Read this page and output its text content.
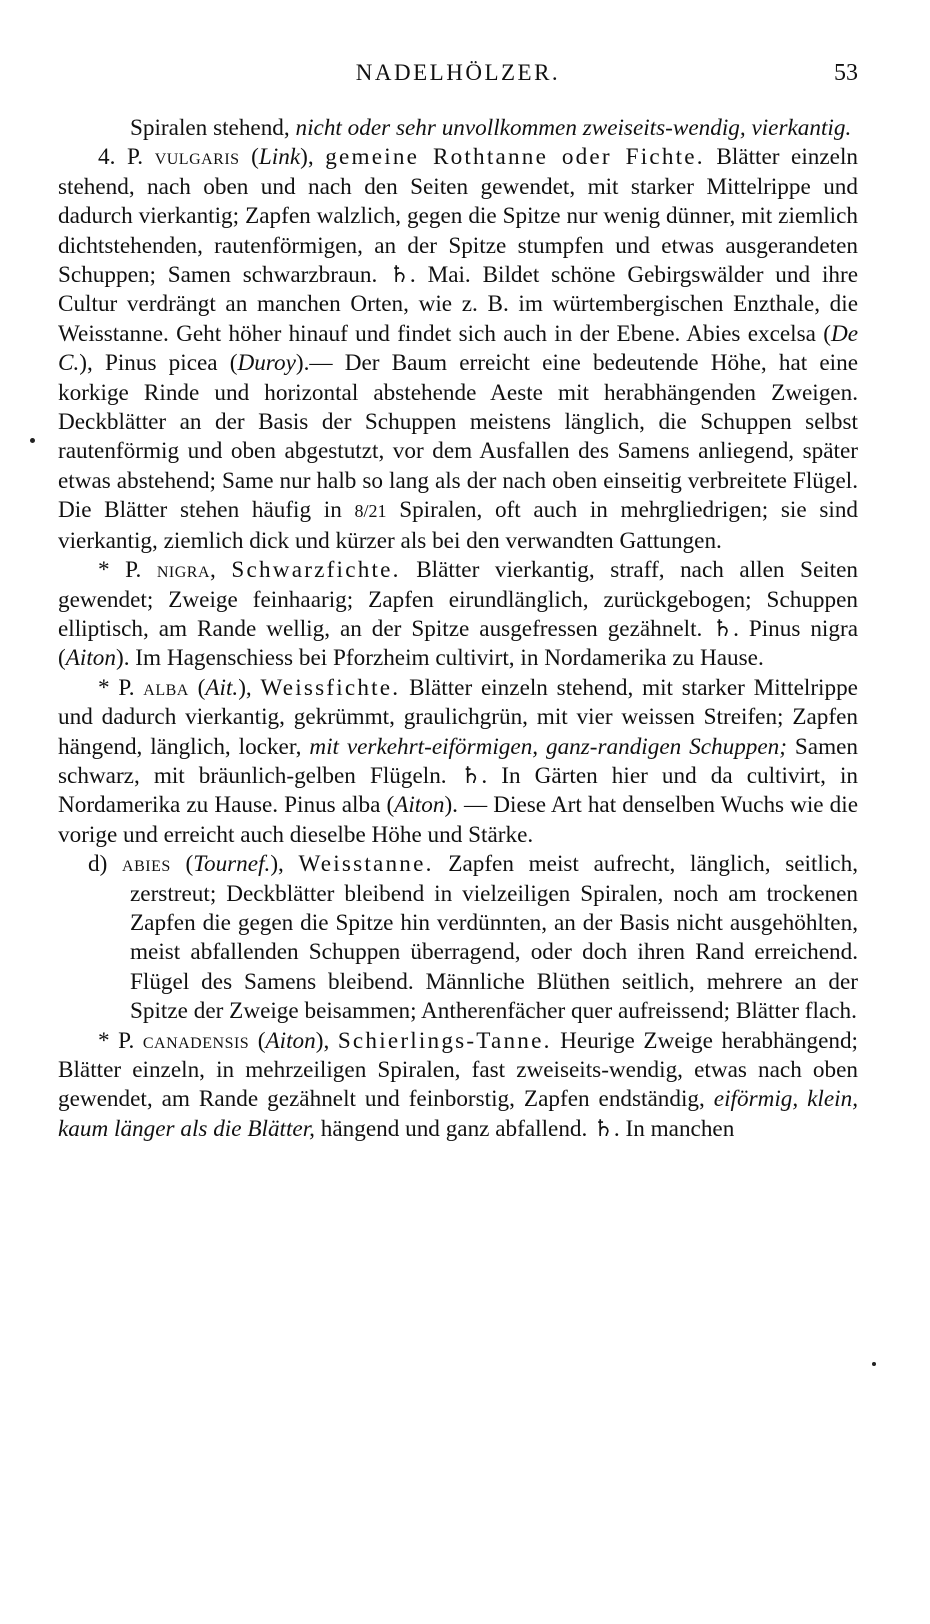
NADELHÖLZER.	53

Spiralen stehend, nicht oder sehr unvollkommen zweiseits-wendig, vierkantig.

4. P. vulgaris (Link), gemeine Rothtanne oder Fichte. Blätter einzeln stehend, nach oben und nach den Seiten gewendet, mit starker Mittelrippe und dadurch vierkantig; Zapfen walzlich, gegen die Spitze nur wenig dünner, mit ziemlich dichtstehenden, rautenförmigen, an der Spitze stumpfen und etwas ausgerandeten Schuppen; Samen schwarzbraun. ♄. Mai. Bildet schöne Gebirgswälder und ihre Cultur verdrängt an manchen Orten, wie z. B. im würtembergischen Enzthale, die Weisstanne. Geht höher hinauf und findet sich auch in der Ebene. Abies excelsa (De C.), Pinus picea (Duroy).— Der Baum erreicht eine bedeutende Höhe, hat eine korkige Rinde und horizontal abstehende Aeste mit herabhängenden Zweigen. Deckblätter an der Basis der Schuppen meistens länglich, die Schuppen selbst rautenförmig und oben abgestutzt, vor dem Ausfallen des Samens anliegend, später etwas abstehend; Same nur halb so lang als der nach oben einseitig verbreitete Flügel. Die Blätter stehen häufig in 8/21 Spiralen, oft auch in mehrgliedrigen; sie sind vierkantig, ziemlich dick und kürzer als bei den verwandten Gattungen.

* P. nigra, Schwarzfichte. Blätter vierkantig, straff, nach allen Seiten gewendet; Zweige feinhaarig; Zapfen eirundlänglich, zurückgebogen; Schuppen elliptisch, am Rande wellig, an der Spitze ausgefressen gezähnelt. ♄. Pinus nigra (Aiton). Im Hagenschiess bei Pforzheim cultivirt, in Nordamerika zu Hause.

* P. alba (Ait.), Weissfichte. Blätter einzeln stehend, mit starker Mittelrippe und dadurch vierkantig, gekrümmt, graulichgrün, mit vier weissen Streifen; Zapfen hängend, länglich, locker, mit verkehrt-eiförmigen, ganz-randigen Schuppen; Samen schwarz, mit bräunlich-gelben Flügeln. ♄. In Gärten hier und da cultivirt, in Nordamerika zu Hause. Pinus alba (Aiton). — Diese Art hat denselben Wuchs wie die vorige und erreicht auch dieselbe Höhe und Stärke.

d) abies (Tournef.), Weisstanne. Zapfen meist aufrecht, länglich, seitlich, zerstreut; Deckblätter bleibend in vielzeiligen Spiralen, noch am trockenen Zapfen die gegen die Spitze hin verdünnten, an der Basis nicht ausgehöhlten, meist abfallenden Schuppen überragend, oder doch ihren Rand erreichend. Flügel des Samens bleibend. Männliche Blüthen seitlich, mehrere an der Spitze der Zweige beisammen; Antherenfächer quer aufreissend; Blätter flach.

* P. canadensis (Aiton), Schierlings-Tanne. Heurige Zweige herabhängend; Blätter einzeln, in mehrzeiligen Spiralen, fast zweiseits-wendig, etwas nach oben gewendet, am Rande gezähnelt und feinborstig, Zapfen endständig, eiförmig, klein, kaum länger als die Blätter, hängend und ganz abfallend. ♄. In manchen
